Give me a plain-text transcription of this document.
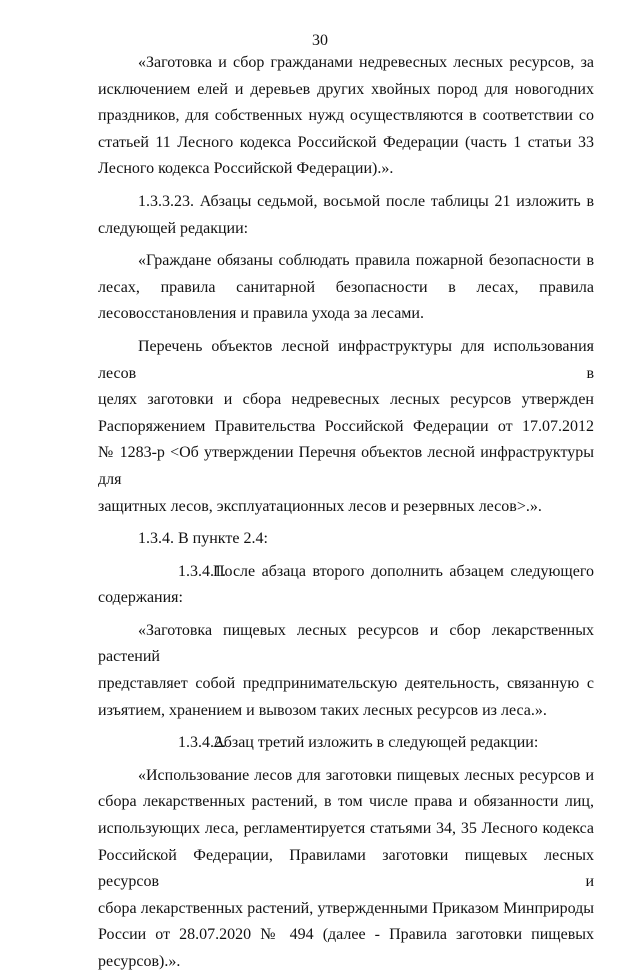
30

«Заготовка и сбор гражданами недревесных лесных ресурсов, за

исключением елей и деревьев других хвойных пород для новогодних

праздников, для собственных нужд осуществляются в соответствии со

статьей 11 Лесного кодекса Российской Федерации (часть 1 статьи 33

Лесного кодекса Российской Федерации).».

1.3.3.23. Абзацы седьмой, восьмой после таблицы 21 изложить в

следующей редакции:

«Граждане обязаны соблюдать правила пожарной безопасности в

лесах, правила санитарной безопасности в лесах, правила

лесовосстановления и правила ухода за лесами.

Перечень объектов лесной инфраструктуры для использования лесов в

целях заготовки и сбора недревесных лесных ресурсов утвержден

Распоряжением Правительства Российской Федерации от 17.07.2012

№ 1283-р <Об утверждении Перечня объектов лесной инфраструктуры для

защитных лесов, эксплуатационных лесов и резервных лесов>.».

1.3.4. В пункте 2.4:

1.3.4.1.После абзаца второго дополнить абзацем следующего

содержания:

«Заготовка пищевых лесных ресурсов и сбор лекарственных растений

представляет собой предпринимательскую деятельность, связанную с

изъятием, хранением и вывозом таких лесных ресурсов из леса.».

1.3.4.2.Абзац третий изложить в следующей редакции:

«Использование лесов для заготовки пищевых лесных ресурсов и

сбора лекарственных растений, в том числе права и обязанности лиц,

использующих леса, регламентируется статьями 34, 35 Лесного кодекса

Российской Федерации, Правилами заготовки пищевых лесных ресурсов и

сбора лекарственных растений, утвержденными Приказом Минприроды

России от 28.07.2020 № 494 (далее - Правила заготовки пищевых

ресурсов).».
